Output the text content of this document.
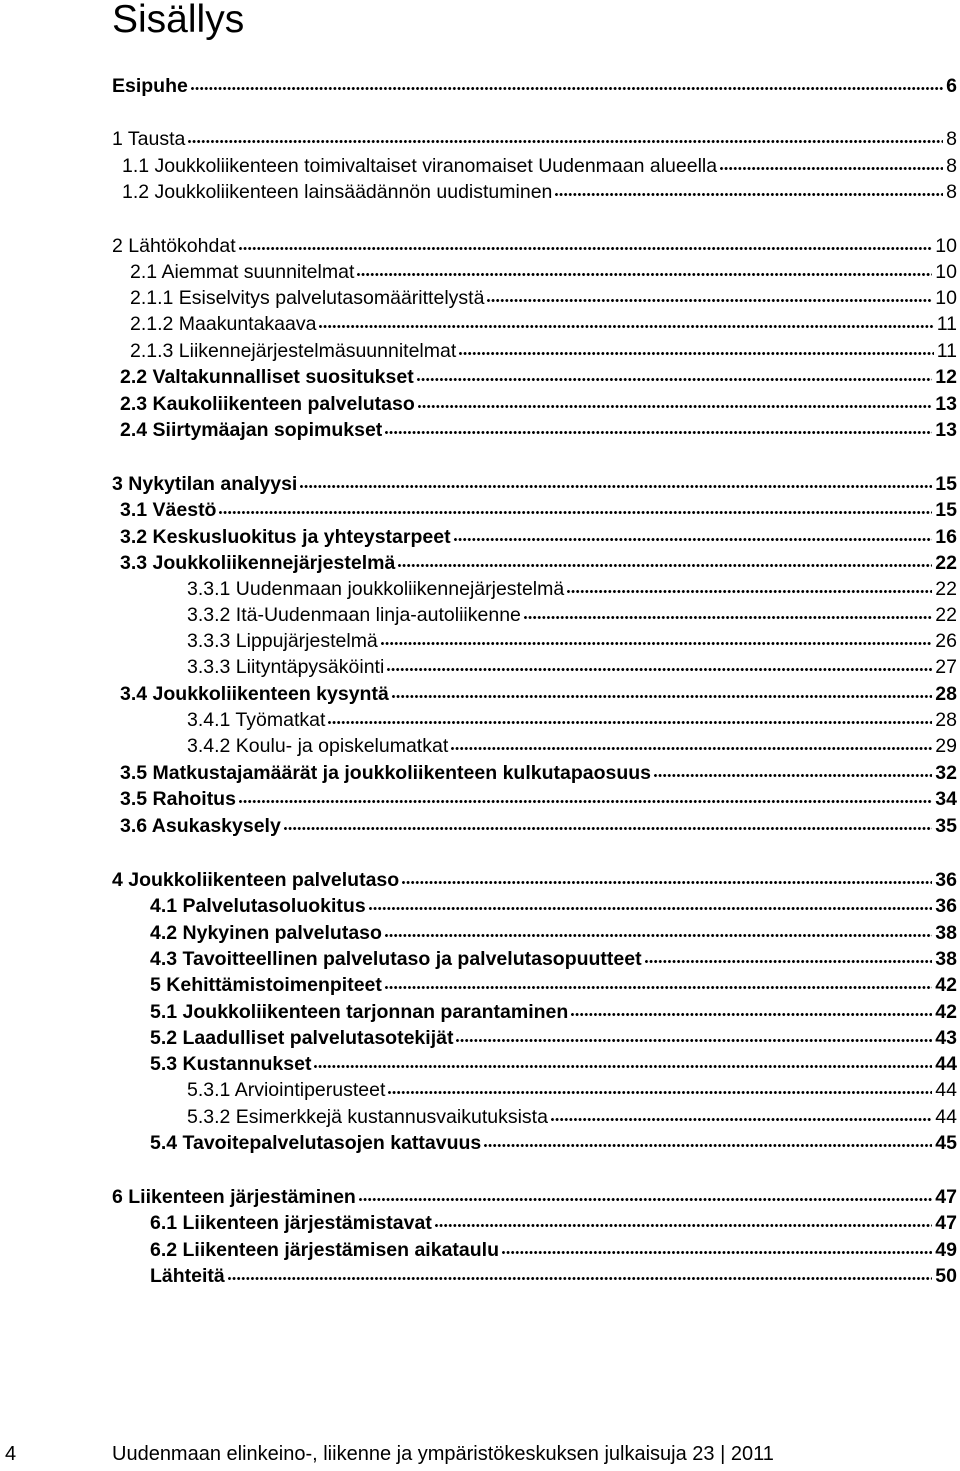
Sisällys
Esipuhe	6
1 Tausta	8
1.1 Joukkoliikenteen toimivaltaiset viranomaiset Uudenmaan alueella	8
1.2 Joukkoliikenteen lainsäädännön uudistuminen	8
2 Lähtökohdat	10
2.1 Aiemmat suunnitelmat	10
2.1.1 Esiselvitys palvelutasomäärittelystä	10
2.1.2 Maakuntakaava	11
2.1.3 Liikennejärjestelmäsuunnitelmat	11
2.2 Valtakunnalliset suositukset	12
2.3 Kaukoliikenteen palvelutaso	13
2.4 Siirtymäajan sopimukset	13
3 Nykytilan analyysi	15
3.1 Väestö	15
3.2 Keskusluokitus ja yhteystarpeet	16
3.3 Joukkoliikennejärjestelmä	22
3.3.1 Uudenmaan joukkoliikennejärjestelmä	22
3.3.2 Itä-Uudenmaan linja-autoliikenne	22
3.3.3 Lippujärjestelmä	26
3.3.3 Liityntäpysäköinti	27
3.4 Joukkoliikenteen kysyntä	28
3.4.1 Työmatkat	28
3.4.2 Koulu- ja opiskelumatkat	29
3.5 Matkustajamäärät ja joukkoliikenteen kulkutapaosuus	32
3.5 Rahoitus	34
3.6 Asukaskysely	35
4 Joukkoliikenteen palvelutaso	36
4.1 Palvelutasoluokitus	36
4.2 Nykyinen palvelutaso	38
4.3 Tavoitteellinen palvelutaso ja palvelutasopuutteet	38
5 Kehittämistoimenpiteet	42
5.1 Joukkoliikenteen tarjonnan parantaminen	42
5.2 Laadulliset palvelutasotekijät	43
5.3 Kustannukset	44
5.3.1 Arviointiperusteet	44
5.3.2 Esimerkkejä kustannusvaikutuksista	44
5.4 Tavoitepalvelutasojen kattavuus	45
6 Liikenteen järjestäminen	47
6.1 Liikenteen järjestämistavat	47
6.2 Liikenteen järjestämisen aikataulu	49
Lähteitä	50
4	Uudenmaan elinkeino-, liikenne ja ympäristökeskuksen julkaisuja 23 | 2011
